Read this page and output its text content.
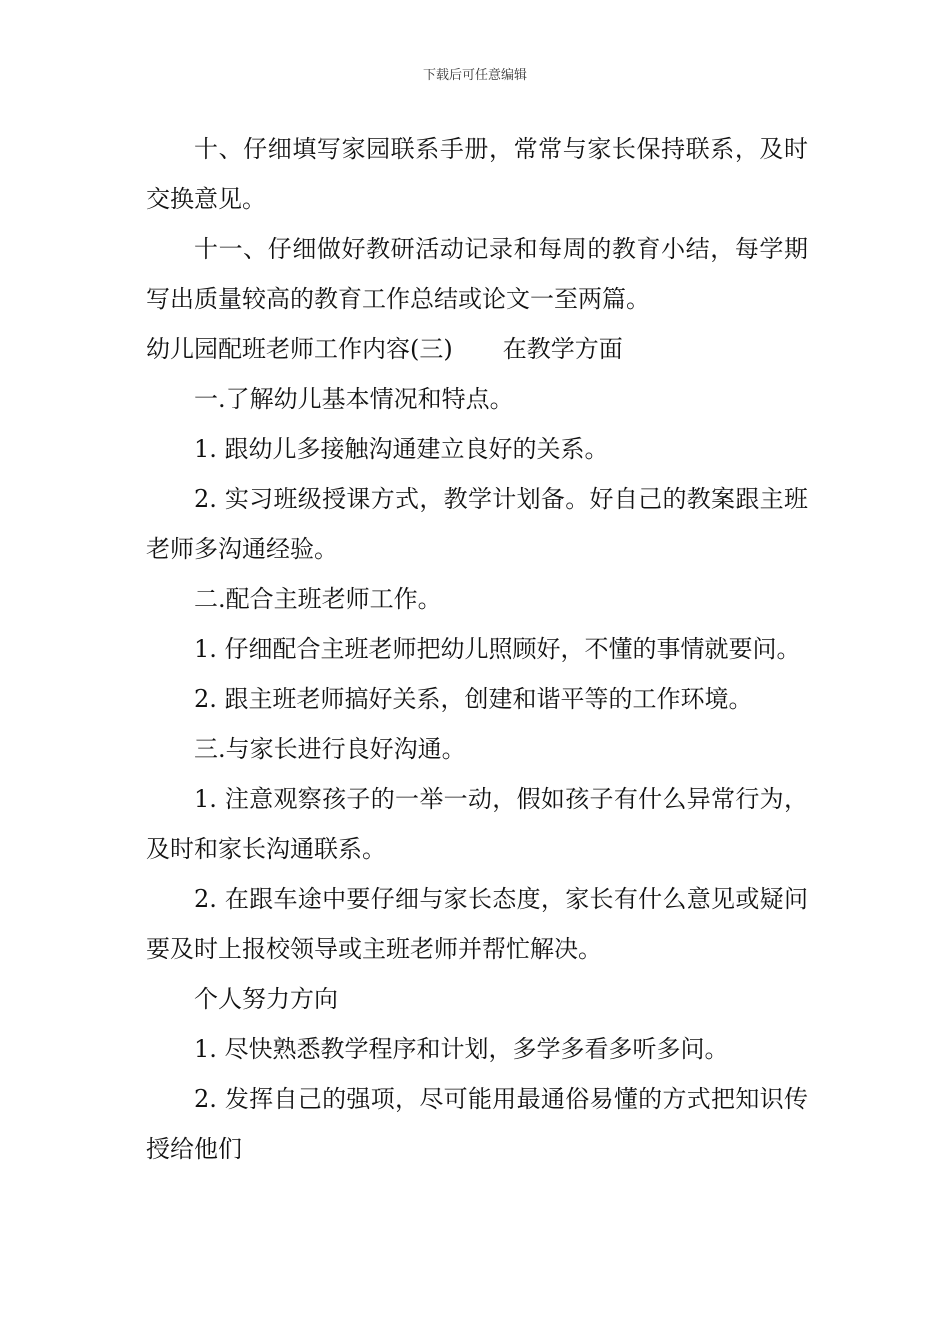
下载后可任意编辑

十、仔细填写家园联系手册，常常与家长保持联系，及时交换意见。

十一、仔细做好教研活动记录和每周的教育小结，每学期写出质量较高的教育工作总结或论文一至两篇。

幼儿园配班老师工作内容(三) 在教学方面

一.了解幼儿基本情况和特点。

1. 跟幼儿多接触沟通建立良好的关系。

2. 实习班级授课方式，教学计划备。好自己的教案跟主班老师多沟通经验。

二.配合主班老师工作。

1. 仔细配合主班老师把幼儿照顾好，不懂的事情就要问。

2. 跟主班老师搞好关系，创建和谐平等的工作环境。

三.与家长进行良好沟通。

1. 注意观察孩子的一举一动，假如孩子有什么异常行为，及时和家长沟通联系。

2. 在跟车途中要仔细与家长态度，家长有什么意见或疑问要及时上报校领导或主班老师并帮忙解决。

个人努力方向

1. 尽快熟悉教学程序和计划，多学多看多听多问。

2. 发挥自己的强项，尽可能用最通俗易懂的方式把知识传授给他们
